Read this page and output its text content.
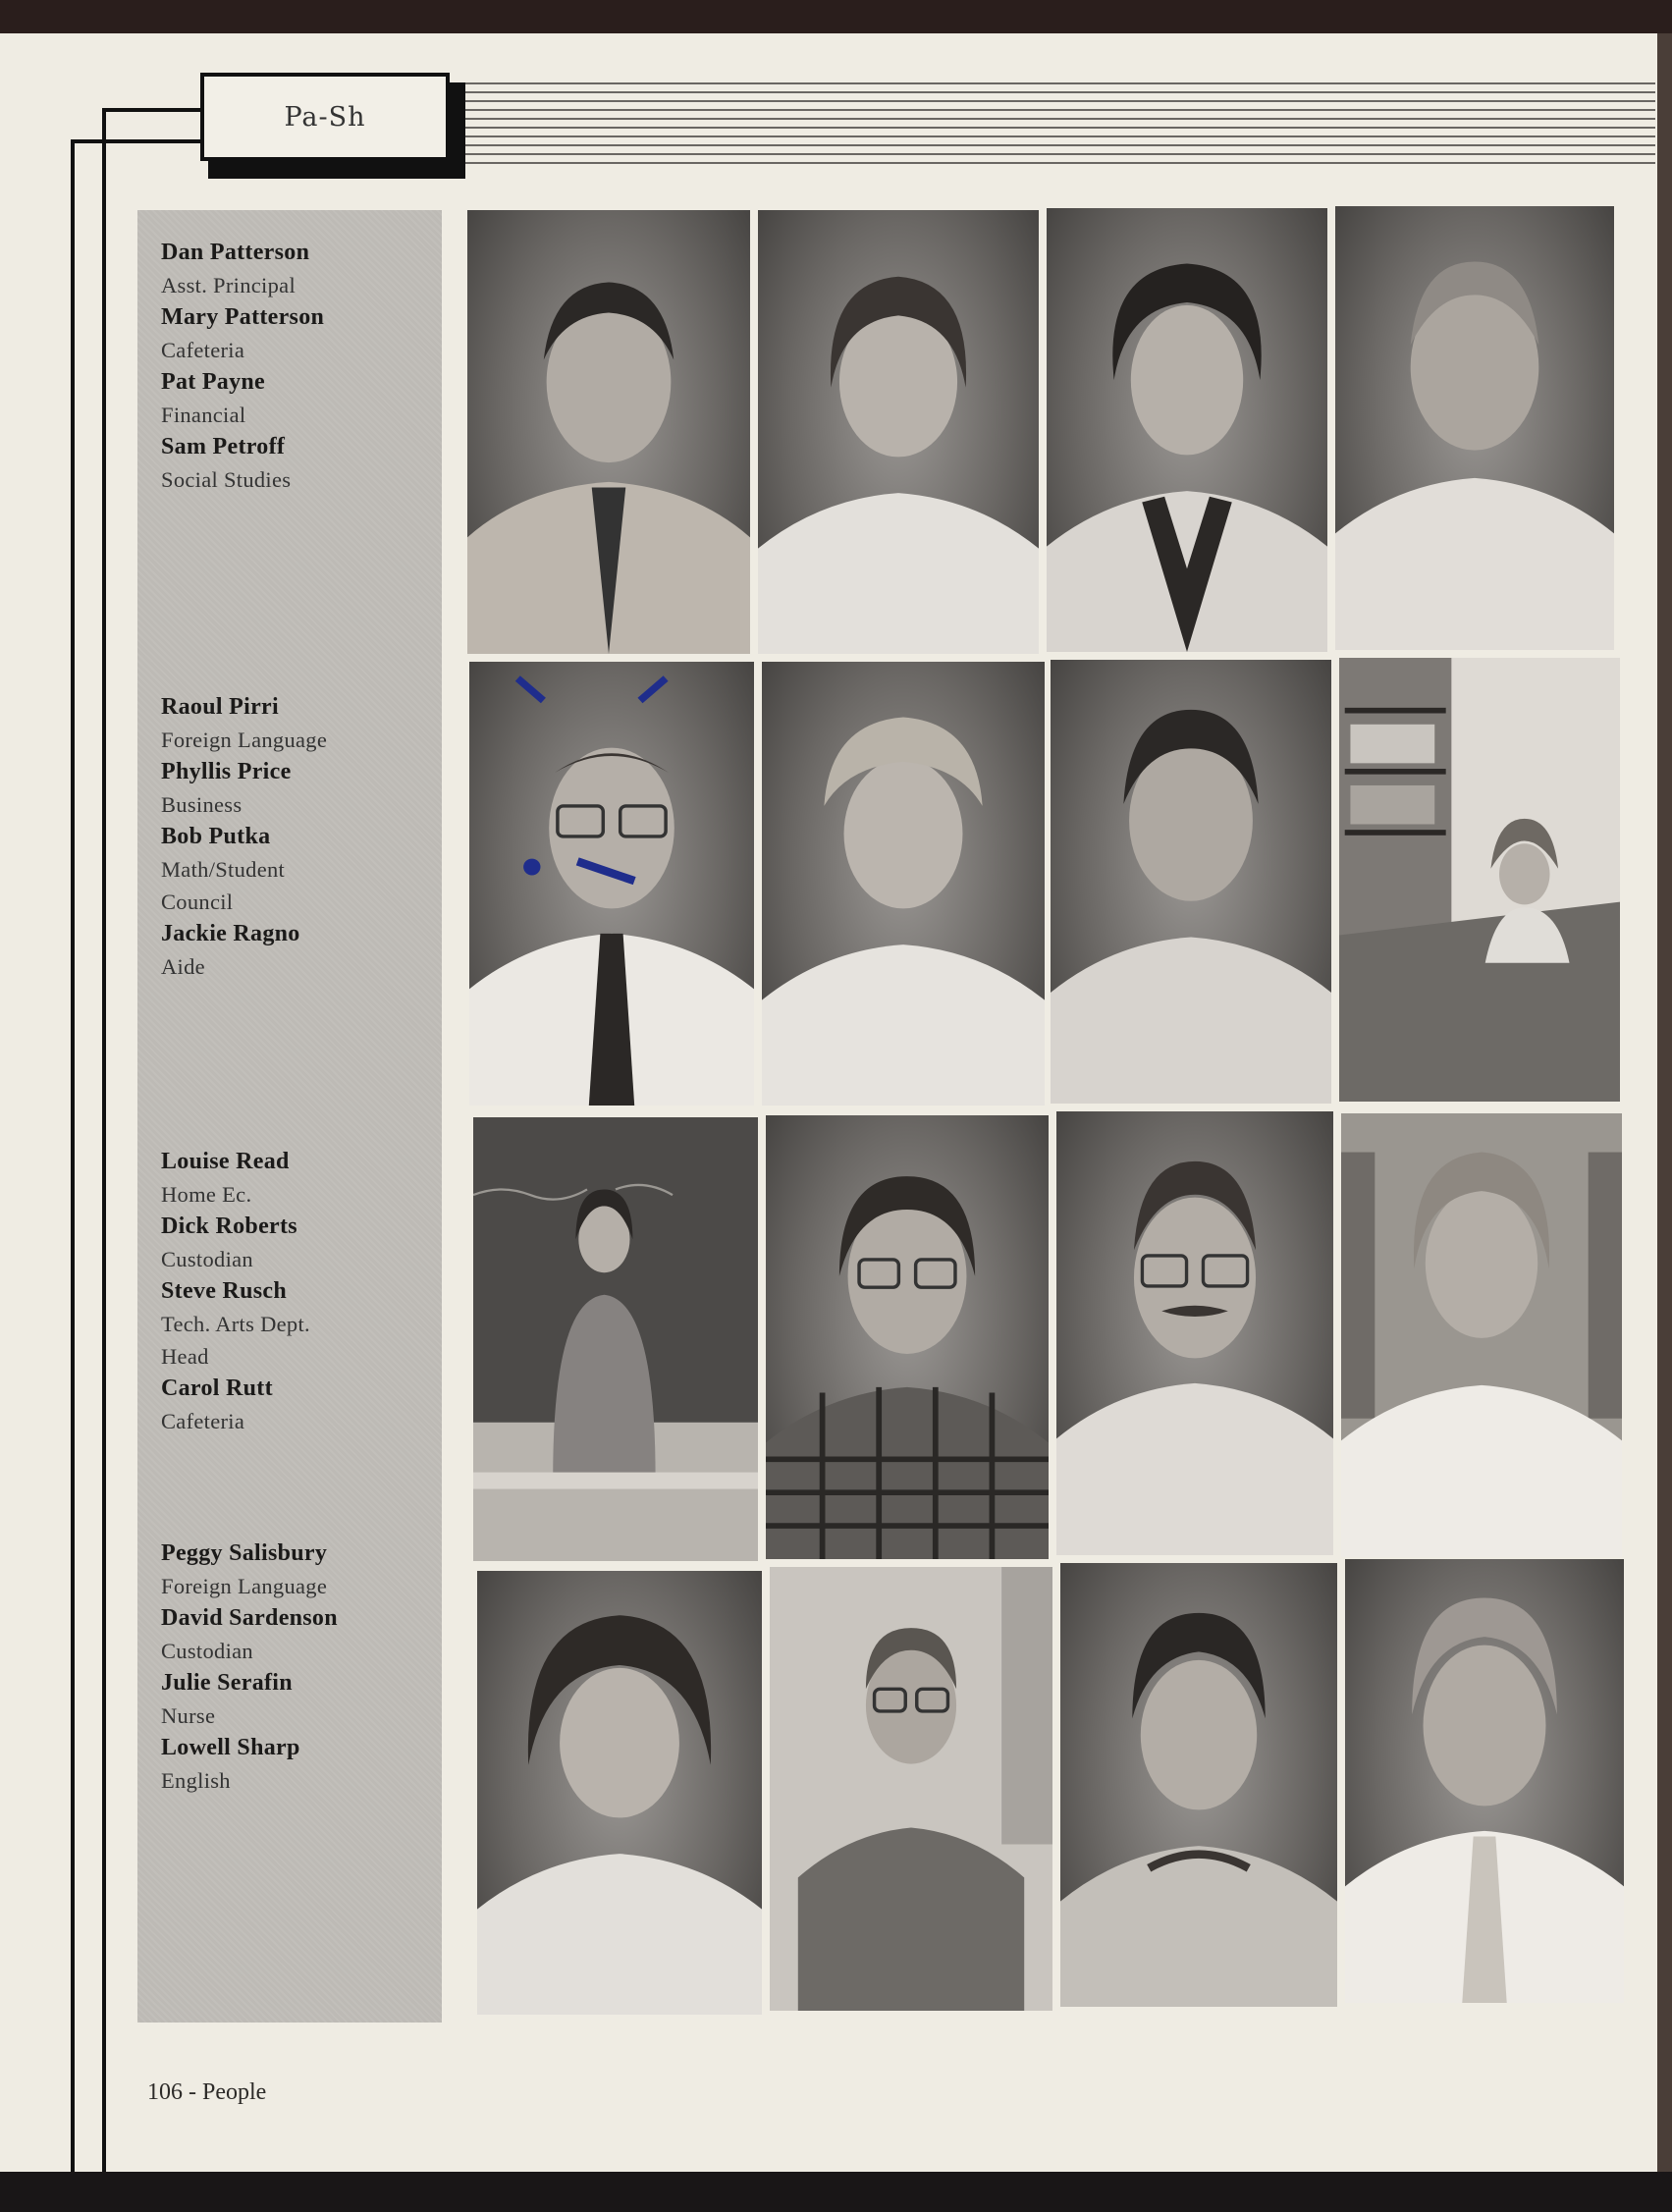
Pa-Sh

Dan Patterson

Asst. Principal

Mary Patterson

Cafeteria

Pat Payne

Financial

Sam Petroff

Social Studies

Raoul Pirri

Foreign Language

Phyllis Price

Business

Bob Putka

Math/Student

Council

Jackie Ragno

Aide

Louise Read

Home Ec.

Dick Roberts

Custodian

Steve Rusch

Tech. Arts Dept.

Head

Carol Rutt

Cafeteria

Peggy Salisbury

Foreign Language

David Sardenson

Custodian

Julie Serafin

Nurse

Lowell Sharp

English

106 - People
